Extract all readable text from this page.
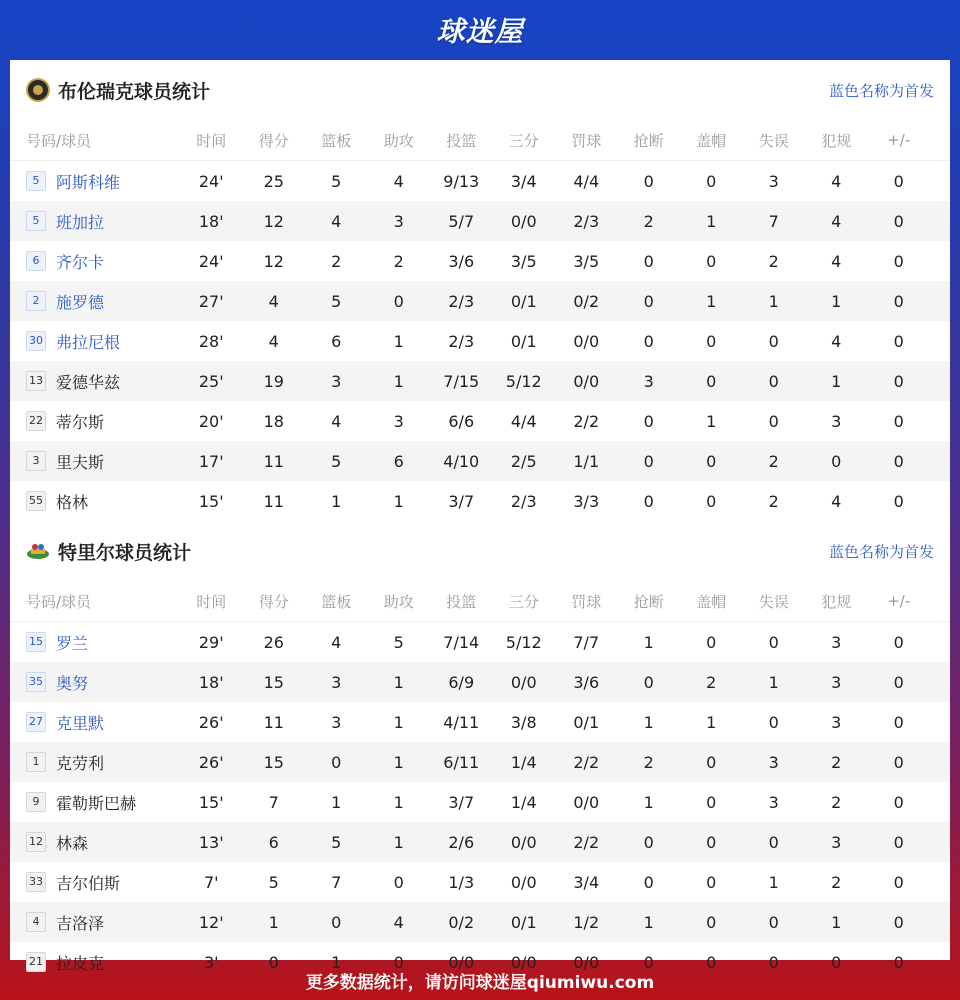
球迷屋
布伦瑞克球员统计	蓝色名称为首发
号码/球员	时间	得分	篮板	助攻	投篮	三分	罚球	抢断	盖帽	失误	犯规	+/-
5	阿斯科维	24'	25	5	4	9/13	3/4	4/4	0	0	3	4	0
5	班加拉	18'	12	4	3	5/7	0/0	2/3	2	1	7	4	0
6	齐尔卡	24'	12	2	2	3/6	3/5	3/5	0	0	2	4	0
2	施罗德	27'	4	5	0	2/3	0/1	0/2	0	1	1	1	0
30 弗拉尼根	28'	4	6	1	2/3	0/1	0/0	0	0	0	4	0
13 爱德华兹	25'	19	3	1	7/15	5/12	0/0	3	0	0	1	0
22 蒂尔斯	20'	18	4	3	6/6	4/4	2/2	0	1	0	3	0
3	里夫斯	17'	11	5	6	4/10	2/5	1/1	0	0	2	0	0
55 格林	15'	11	1	1	3/7	2/3	3/3	0	0	2	4	0
特里尔球员统计	蓝色名称为首发
号码/球员	时间	得分	篮板	助攻	投篮	三分	罚球	抢断	盖帽	失误	犯规	+/-
15 罗兰	29'	26	4	5	7/14	5/12	7/7	1	0	0	3	0
35 奥努	18'	15	3	1	6/9	0/0	3/6	0	2	1	3	0
27 克里默	26'	11	3	1	4/11	3/8	0/1	1	1	0	3	0
1	克劳利	26'	15	0	1	6/11	1/4	2/2	2	0	3	2	0
9	霍勒斯巴赫	15'	7	1	1	3/7	1/4	0/0	1	0	3	2	0
12 林森	13'	6	5	1	2/6	0/0	2/2	0	0	0	3	0
33 吉尔伯斯	7'	5	7	0	1/3	0/0	3/4	0	0	1	2	0
4	吉洛泽	12'	1	0	4	0/2	0/1	1/2	1	0	0	1	0
21 拉皮克	3'	0	1	0	0/0	0/0	0/0	0	0	0	0	0
更多数据统计，请访问球迷屋qiumiwu.com
